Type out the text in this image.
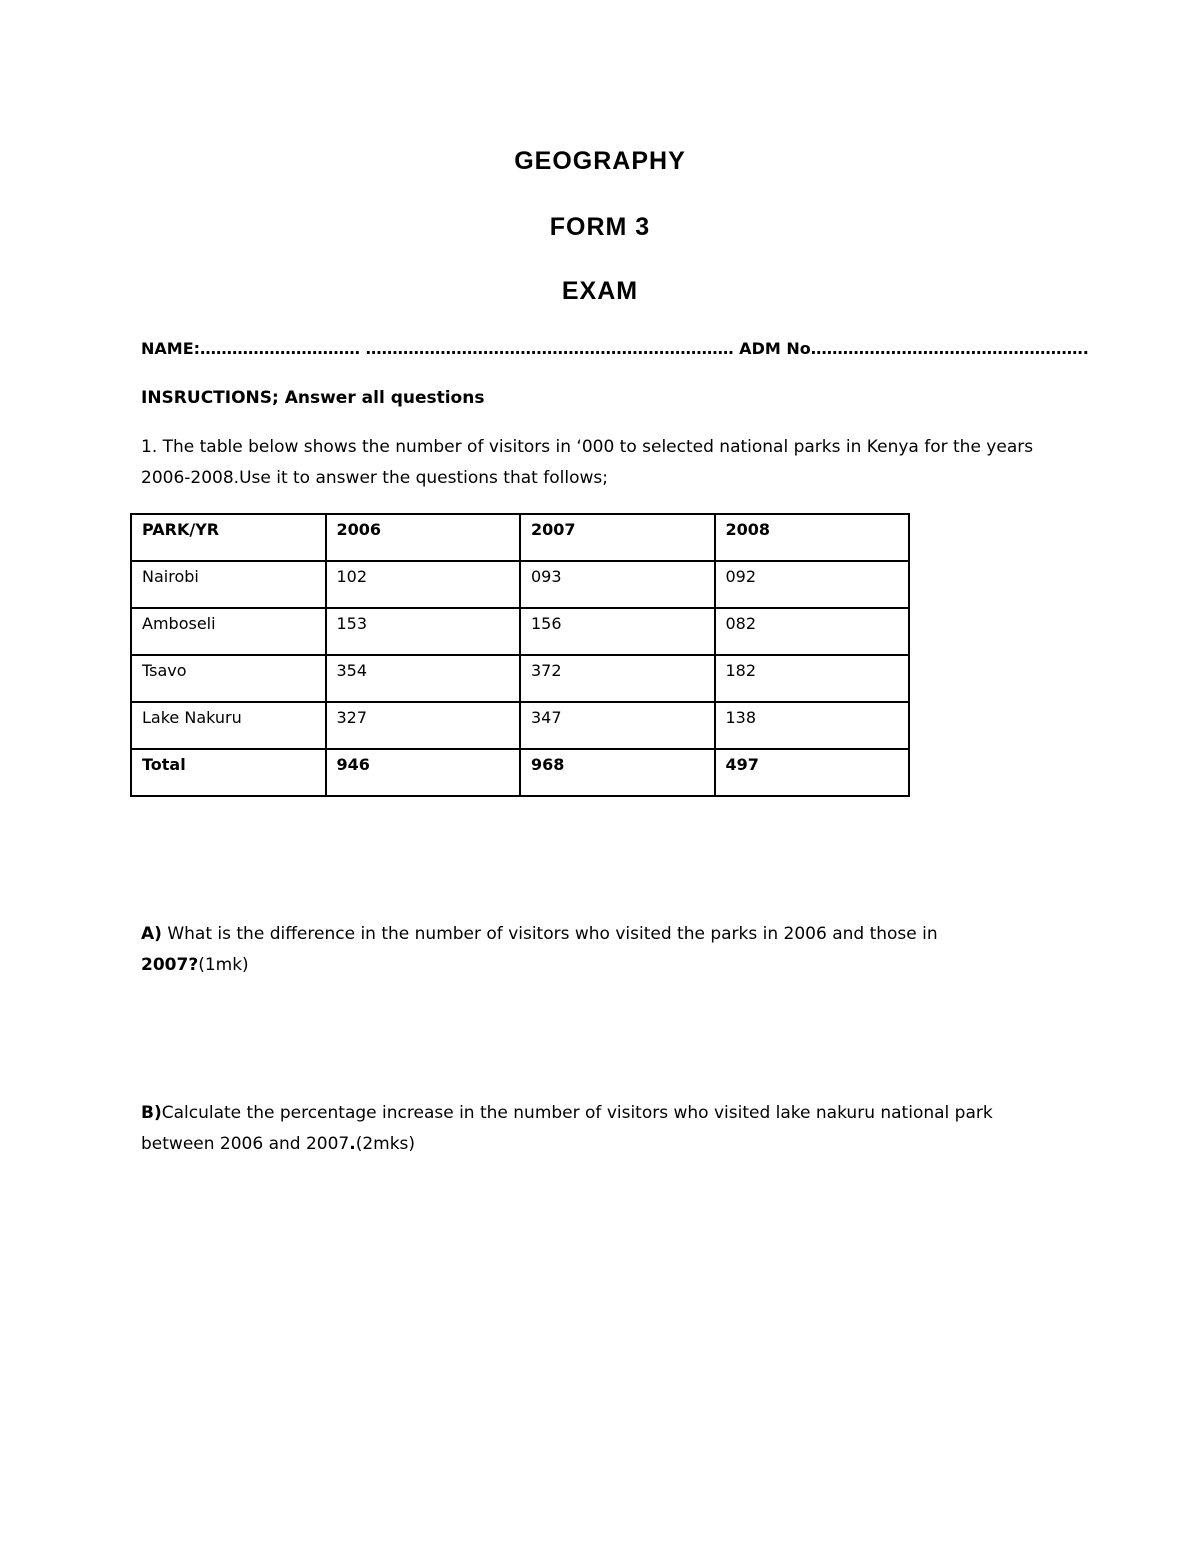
GEOGRAPHY
FORM 3
EXAM
NAME:………………………… …………………………………………………………… ADM No…………………………………………….
INSRUCTIONS; Answer all questions
1. The table below shows the number of visitors in ‘000 to selected national parks in Kenya for the years
2006-2008.Use it to answer the questions that follows;
PARK/YR	2006	2007	2008
Nairobi	102	093	092
Amboseli	153	156	082
Tsavo	354	372	182
Lake Nakuru	327	347	138
Total	946	968	497
A) What is the difference in the number of visitors who visited the parks in 2006 and those in
2007?(1mk)
B)Calculate the percentage increase in the number of visitors who visited lake nakuru national park
between 2006 and 2007.(2mks)
